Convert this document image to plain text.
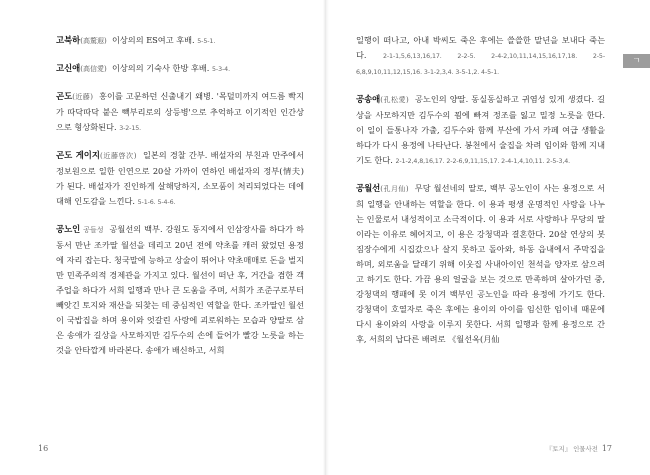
고북하(高騖遐) 이상의의 ES여고 후배. 5-5-1.

고신애(高信愛) 이상의의 기숙사 한방 후배. 5-3-4.

곤도(近藤) 홍이를 고문하던 신출내기 왜병. '목덜미까지 여드름 빡지가 따닥따닥 붙은 빽부리로의 상등병'으로 추억하고 이기적인 인간상으로 형상화된다. 3-2-15.

곤도 게이지(近藤啓次) 일본의 경찰 간부. 배설자의 부친과 만주에서 정보원으로 일한 인연으로 20살 가까이 연하인 배설자의 정부(情夫)가 된다. 배설자가 진인하게 살해당하지, 소모품이 처리되었다는 데에 대해 인도감을 느낀다. 5-1-6. 5-4-6.

공노인 공들성 공월선의 백부. 강원도 동지에서 인삼장사를 하다가 하동서 만난 조카딸 월선을 데리고 20년 전에 약초를 캐러 왔었던 용정에 자리 잡는다. 청국말에 능하고 상술이 뛰어나 약초매매로 돈을 벌지만 민족주의적 경제관을 가지고 있다. 월선이 떠난 후, 거간을 겸한 객주업을 하다가 서희 일행과 만나 큰 도움을 주며, 서희가 조준구로부터 빼앗긴 토지와 재산을 되찾는 데 중심적인 역할을 한다. 조카딸인 월선이 국밥집을 하며 용이와 엇갈린 사랑에 괴로워하는 모습과 양딸로 삼은 송애가 길상을 사모하지만 김두수의 손에 들어가 빨강 노릇을 하는 것을 안타깝게 바라본다. 송애가 배신하고, 서희

16
ㄱ

일행이 떠나고, 아내 박씨도 죽은 후에는 쓸쓸한 말년을 보내다 죽는다.	2-1-1,5,6,13,16,17. 2-2-5. 2-4-2,10,11,14,15,16,17,18. 2-5-6,8,9,10,11,12,15,16. 3-1-2,3,4. 3-5-1,2. 4-5-1.

공송애(孔松愛) 공노인의 양딸. 동실동실하고 귀염성 있게 생겼다. 길상을 사모하지만 김두수의 꾐에 빠져 정조를 잃고 밀정 노릇을 한다. 이 일이 들통나자 가출, 김두수와 함께 부산에 가서 카페 여급 생활을 하다가 다시 용정에 나타난다. 봉천에서 술집을 차려 임이와 함께 지내기도 한다. 2-1-2,4,8,16,17. 2-2-6,9,11,15,17. 2-4-1,4,10,11. 2-5-3,4.

공월선(孔月仙) 무당 월선네의 딸로, 백부 공노인이 사는 용정으로 서희 일행을 안내하는 역할을 한다. 이 용과 평생 운명적인 사랑을 나누는 인물로서 내성적이고 소극적이다. 이 용과 서로 사랑하나 무당의 딸이라는 이유로 혜어지고, 이 용은 강청댁과 결혼한다. 20살 연상의 봇짐장수에게 시집갔으나 살지 못하고 돌아와, 하동 읍내에서 주막집을 하며, 외로움을 달래기 위해 이웃집 사내아이인 천석을 양자로 삼으려고 하기도 한다. 가끔 용의 얼굴을 보는 것으로 만족하며 살아가던 중, 강청댁의 행패에 못 이겨 백부인 공노인을 따라 용정에 가기도 한다. 강청댁이 호열자로 죽은 후에는 용이의 아이를 임신한 임이네 때문에 다시 용이와의 사랑을 이루지 못한다. 서희 일행과 함께 용정으로 간 후, 서희의 납다른 배려로 《월선옥(月仙

『토지』 인물사전 17
